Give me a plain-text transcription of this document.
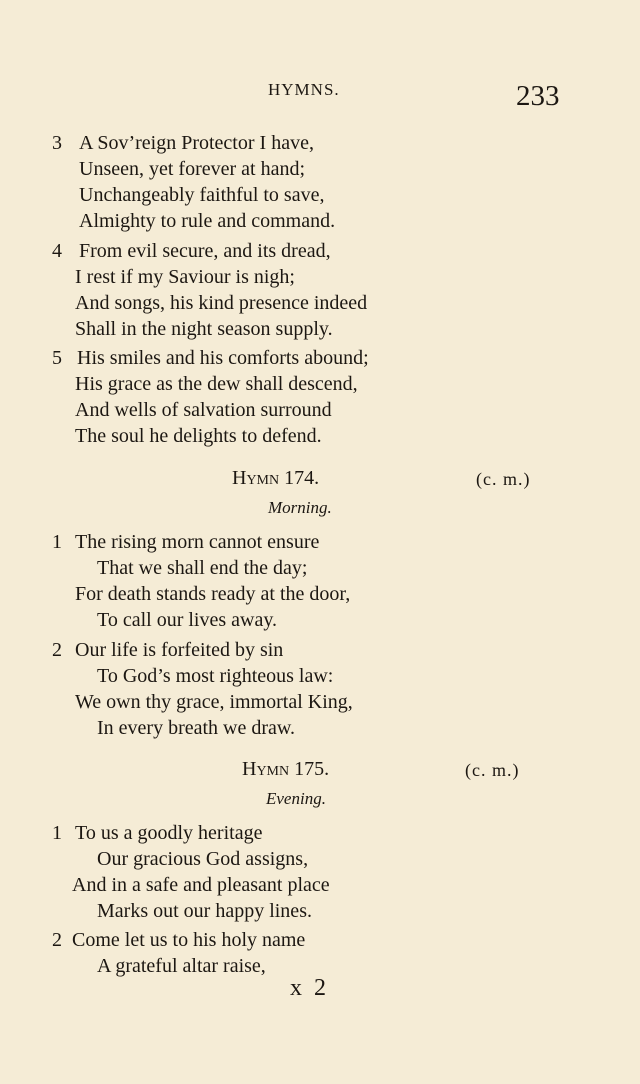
HYMNS.	233
3 A Sov’reign Protector I have,
Unseen, yet forever at hand;
Unchangeably faithful to save,
Almighty to rule and command.
4 From evil secure, and its dread,
I rest if my Saviour is nigh;
And songs, his kind presence indeed
Shall in the night season supply.
5 His smiles and his comforts abound;
His grace as the dew shall descend,
And wells of salvation surround
The soul he delights to defend.
Hymn 174.	(c. m.)
Morning.
1 The rising morn cannot ensure
That we shall end the day;
For death stands ready at the door,
To call our lives away.
2 Our life is forfeited by sin
To God’s most righteous law:
We own thy grace, immortal King,
In every breath we draw.
Hymn 175.	(c. m.)
Evening.
1 To us a goodly heritage
Our gracious God assigns,
And in a safe and pleasant place
Marks out our happy lines.
2 Come let us to his holy name
A grateful altar raise,
x 2
